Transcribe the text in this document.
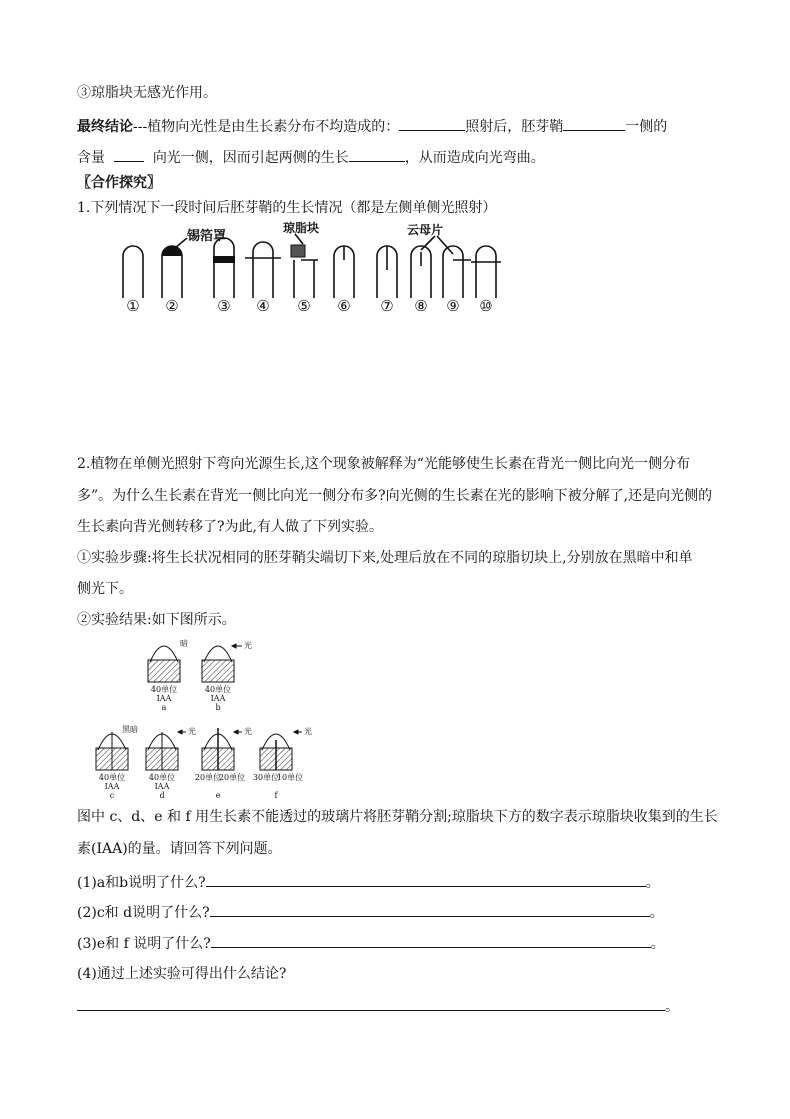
③琼脂块无感光作用。
最终结论---植物向光性是由生长素分布不均造成的：	照射后，胚芽鞘	一侧的
含量	向光一侧，因而引起两侧的生长	，从而造成向光弯曲。
〖合作探究〗
1.下列情况下一段时间后胚芽鞘的生长情况（都是左侧单侧光照射）
锡箔罩
琼脂块	云母片
① ②	③ ④ ⑤ ⑥ ⑦ ⑧ ⑨ ⑩
2.植物在单侧光照射下弯向光源生长,这个现象被解释为“光能够使生长素在背光一侧比向光一侧分布
多”。为什么生长素在背光一侧比向光一侧分布多?向光侧的生长素在光的影响下被分解了,还是向光侧的
生长素向背光侧转移了?为此,有人做了下列实验。
①实验步骤:将生长状况相同的胚芽鞘尖端切下来,处理后放在不同的琼脂切块上,分别放在黑暗中和单
侧光下。
②实验结果:如下图所示。
暗	光
40单位
IAA
a
40单位
IAA
b
黑暗	光	光	光
40单位
IAA
c
40单位
IAA
d
20单位
20单位
e
30单位
10单位
f
图中 c、d、e 和 f 用生长素不能透过的玻璃片将胚芽鞘分割;琼脂块下方的数字表示琼脂块收集到的生长
素(IAA)的量。请回答下列问题。
(1)a和b说明了什么?	。
(2)c和 d说明了什么?	。
(3)e和 f 说明了什么?	。
(4)通过上述实验可得出什么结论?
。
